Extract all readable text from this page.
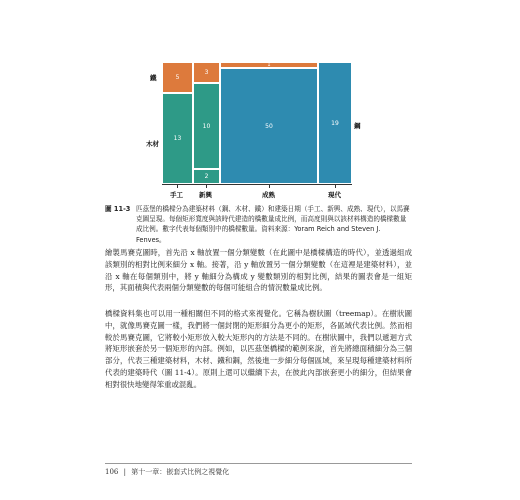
鐵
木材
鋼
5
13
3
10
2
1
50	19
手工 新興	成熟	現代
圖 11-3 匹茲堡的橋樑分為建築材料（鋼、木材、鐵）和建築日期（手工、新興、成熟、現代），以馬賽克圖呈現。每個矩形寬度與該時代建造的橋數量成比例，而高度則與以該材料構造的橋樑數量成比例。數字代表每個類別中的橋樑數量。資料來源：Yoram Reich and Steven J. Fenves。
繪製馬賽克圖時，首先沿 x 軸放置一個分類變數（在此圖中是橋樑構造的時代），並透過組成該類別的相對比例來細分 x 軸。接著，沿 y 軸放置另一個分類變數（在這裡是建築材料），並沿 x 軸在每個類別中，將 y 軸細分為構成 y 變數類別的相對比例，結果的圖表會是一組矩形，其面積與代表兩個分類變數的每個可能組合的情況數量成比例。
橋樑資料集也可以用一種相關但不同的格式來視覺化。它稱為樹狀圖（treemap）。在樹狀圖中，就像馬賽克圖一樣，我們將一個封閉的矩形細分為更小的矩形，各區域代表比例。然而相較於馬賽克圖，它將較小矩形放入較大矩形內的方法是不同的。在樹狀圖中，我們以遞迴方式將矩形嵌套於另一個矩形的內部。例如，以匹茲堡橋樑的範例來說，首先將總面積細分為三個部分，代表三種建築材料，木材、鐵和鋼，然後進一步細分每個區域，來呈現每種建築材料所代表的建築時代（圖 11-4）。原則上還可以繼續下去，在彼此內部嵌套更小的細分，但結果會相對很快地變得笨重或混亂。
106 | 第十一章：嵌套式比例之視覺化
